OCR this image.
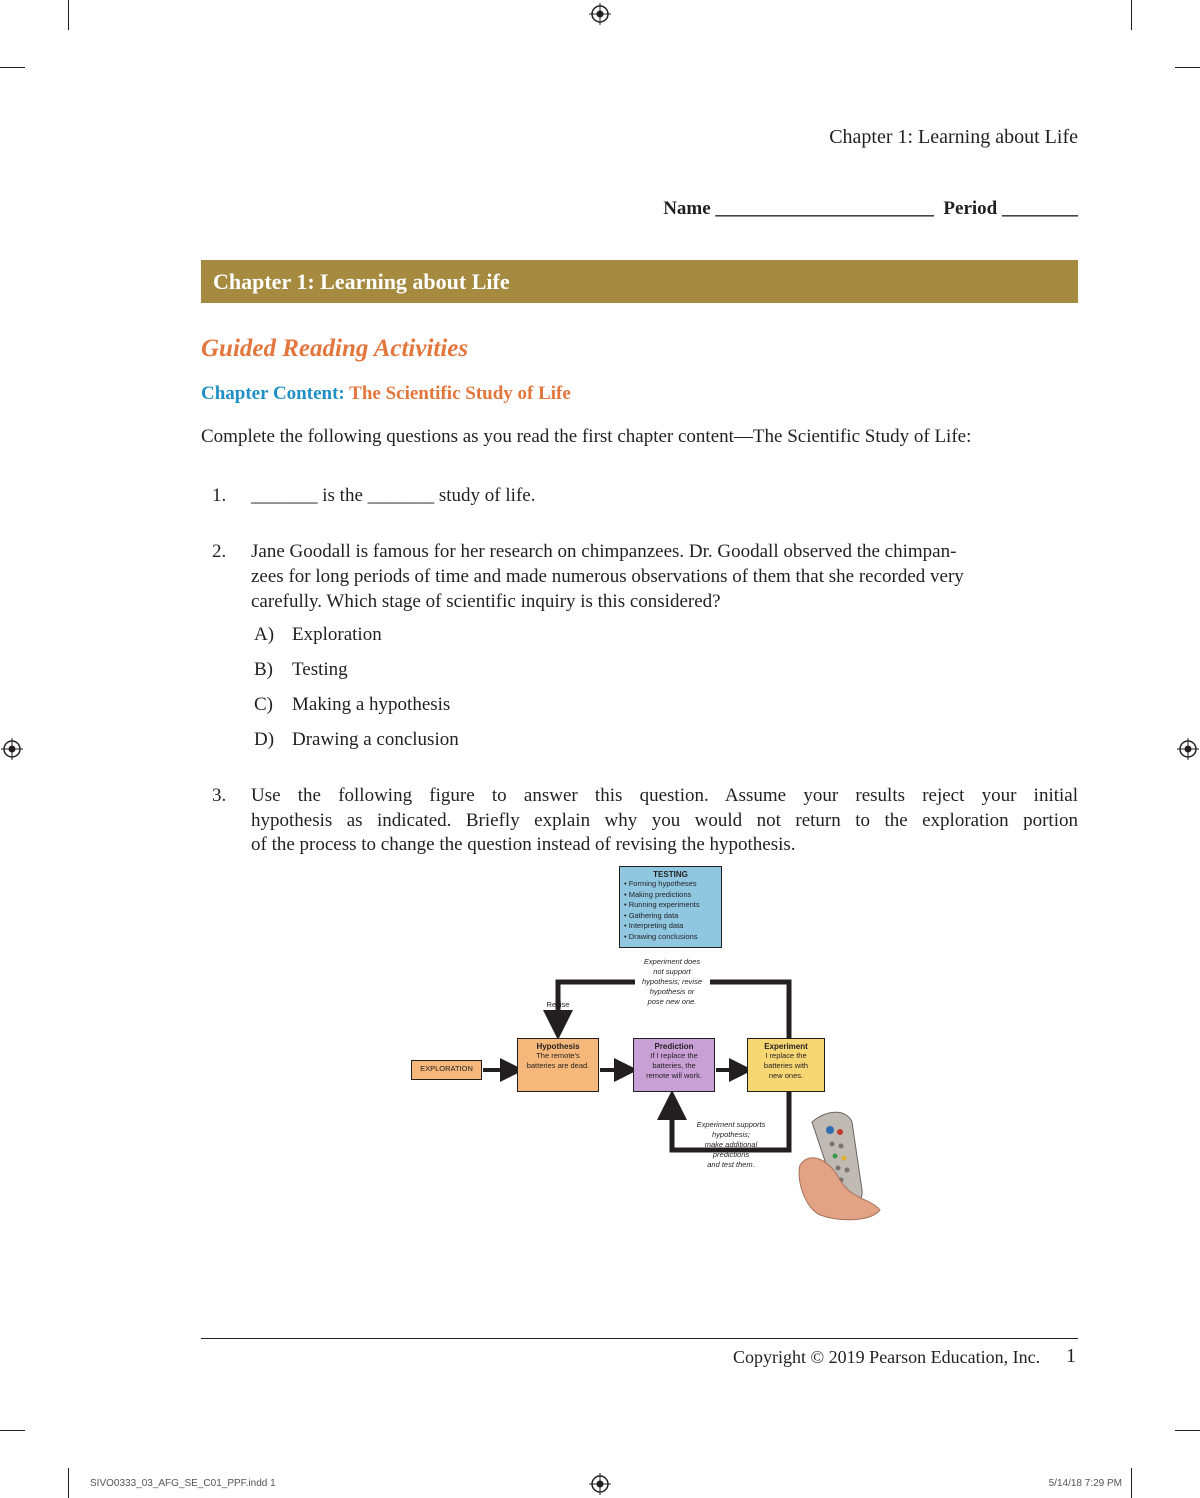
Chapter 1: Learning about Life
Name _______________________  Period ________
Chapter 1: Learning about Life
Guided Reading Activities
Chapter Content: The Scientific Study of Life
Complete the following questions as you read the first chapter content—The Scientific Study of Life:
1. _______ is the _______ study of life.
2. Jane Goodall is famous for her research on chimpanzees. Dr. Goodall observed the chimpan-
zees for long periods of time and made numerous observations of them that she recorded very
carefully. Which stage of scientific inquiry is this considered?
A) Exploration
B) Testing
C) Making a hypothesis
D) Drawing a conclusion
3. Use the following figure to answer this question. Assume your results reject your initial
hypothesis as indicated. Briefly explain why you would not return to the exploration portion
of the process to change the question instead of revising the hypothesis.
TESTING
• Forming hypotheses
• Making predictions
• Running experiments
• Gathering data
• Interpreting data
• Drawing conclusions
EXPLORATION
Hypothesis
The remote's
batteries are dead.
Prediction
If I replace the
batteries, the
remote will work.
Experiment
I replace the
batteries with
new ones.
Experiment does
not support
hypothesis; revise
hypothesis or
pose new one.
Revise
Experiment supports
hypothesis;
make additional
predictions
and test them.
Copyright © 2019 Pearson Education, Inc. 1
SIVO0333_03_AFG_SE_C01_PPF.indd 1	5/14/18 7:29 PM
